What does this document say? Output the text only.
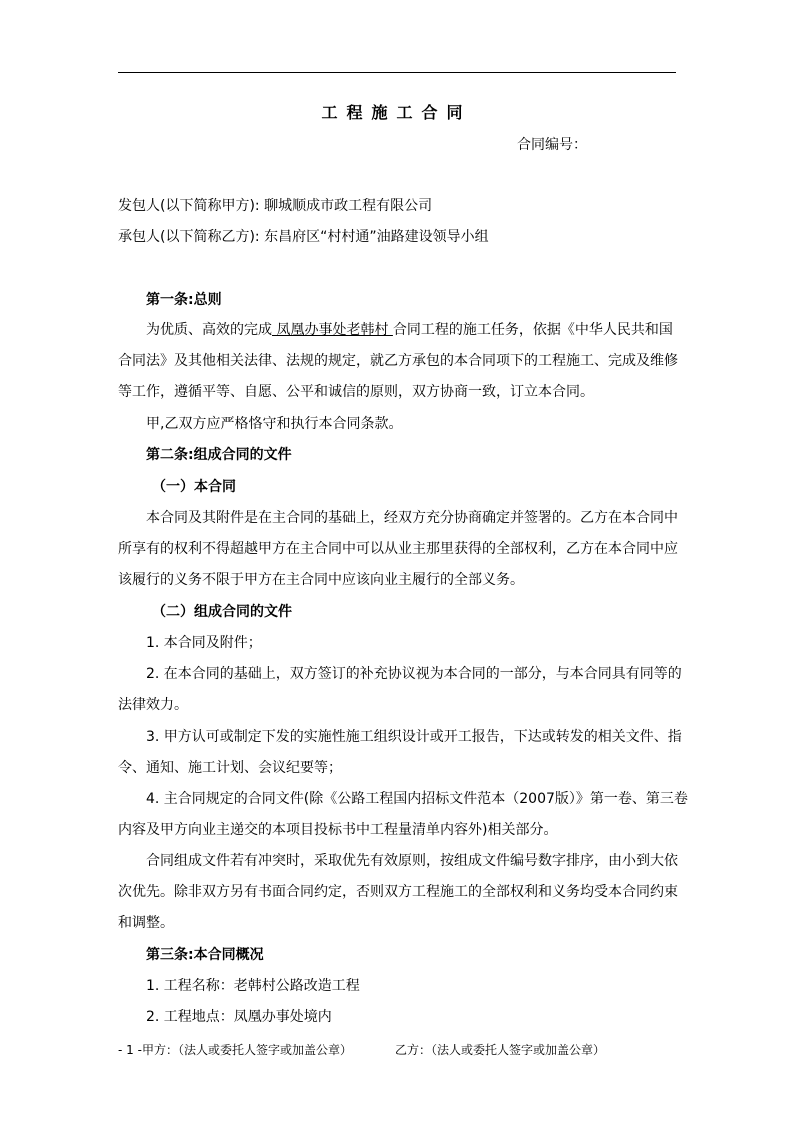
工程施工合同
合同编号：
发包人(以下简称甲方): 聊城顺成市政工程有限公司
承包人(以下简称乙方): 东昌府区“村村通”油路建设领导小组
第一条:总则
为优质、高效的完成 凤凰办事处老韩村 合同工程的施工任务，依据《中华人民共和国
合同法》及其他相关法律、法规的规定，就乙方承包的本合同项下的工程施工、完成及维修
等工作，遵循平等、自愿、公平和诚信的原则，双方协商一致，订立本合同。
甲,乙双方应严格恪守和执行本合同条款。
第二条:组成合同的文件
（一）本合同
本合同及其附件是在主合同的基础上，经双方充分协商确定并签署的。乙方在本合同中
所享有的权利不得超越甲方在主合同中可以从业主那里获得的全部权利，乙方在本合同中应
该履行的义务不限于甲方在主合同中应该向业主履行的全部义务。
（二）组成合同的文件
1. 本合同及附件；
2. 在本合同的基础上，双方签订的补充协议视为本合同的一部分，与本合同具有同等的
法律效力。
3. 甲方认可或制定下发的实施性施工组织设计或开工报告，下达或转发的相关文件、指
令、通知、施工计划、会议纪要等；
4. 主合同规定的合同文件(除《公路工程国内招标文件范本（2007版）》第一卷、第三卷
内容及甲方向业主递交的本项目投标书中工程量清单内容外)相关部分。
合同组成文件若有冲突时，采取优先有效原则，按组成文件编号数字排序，由小到大依
次优先。除非双方另有书面合同约定，否则双方工程施工的全部权利和义务均受本合同约束
和调整。
第三条:本合同概况
1. 工程名称：老韩村公路改造工程
2. 工程地点：凤凰办事处境内
- 1 -甲方：（法人或委托人签字或加盖公章）	乙方：（法人或委托人签字或加盖公章）
